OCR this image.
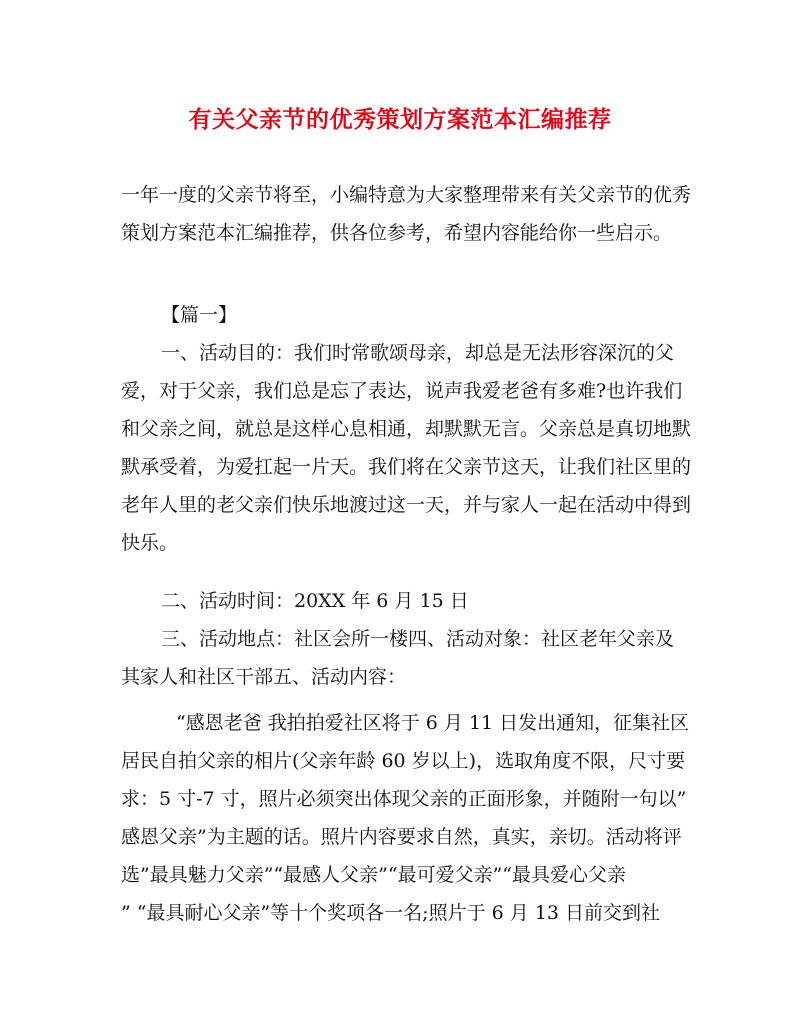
有关父亲节的优秀策划方案范本汇编推荐
一年一度的父亲节将至，小编特意为大家整理带来有关父亲节的优秀
策划方案范本汇编推荐，供各位参考，希望内容能给你一些启示。
【篇一】
一、活动目的：我们时常歌颂母亲，却总是无法形容深沉的父
爱，对于父亲，我们总是忘了表达，说声我爱老爸有多难?也许我们
和父亲之间，就总是这样心息相通，却默默无言。父亲总是真切地默
默承受着，为爱扛起一片天。我们将在父亲节这天，让我们社区里的
老年人里的老父亲们快乐地渡过这一天，并与家人一起在活动中得到
快乐。
二、活动时间：20XX 年 6 月 15 日
三、活动地点：社区会所一楼四、活动对象：社区老年父亲及
其家人和社区干部五、活动内容：
“感恩老爸 我拍拍爱社区将于 6 月 11 日发出通知，征集社区
居民自拍父亲的相片(父亲年龄 60 岁以上)，选取角度不限，尺寸要
求：5 寸-7 寸，照片必须突出体现父亲的正面形象，并随附一句以”
感恩父亲”为主题的话。照片内容要求自然，真实，亲切。活动将评
选”最具魅力父亲”“最感人父亲”“最可爱父亲”“最具爱心父亲
” “最具耐心父亲”等十个奖项各一名;照片于 6 月 13 日前交到社
